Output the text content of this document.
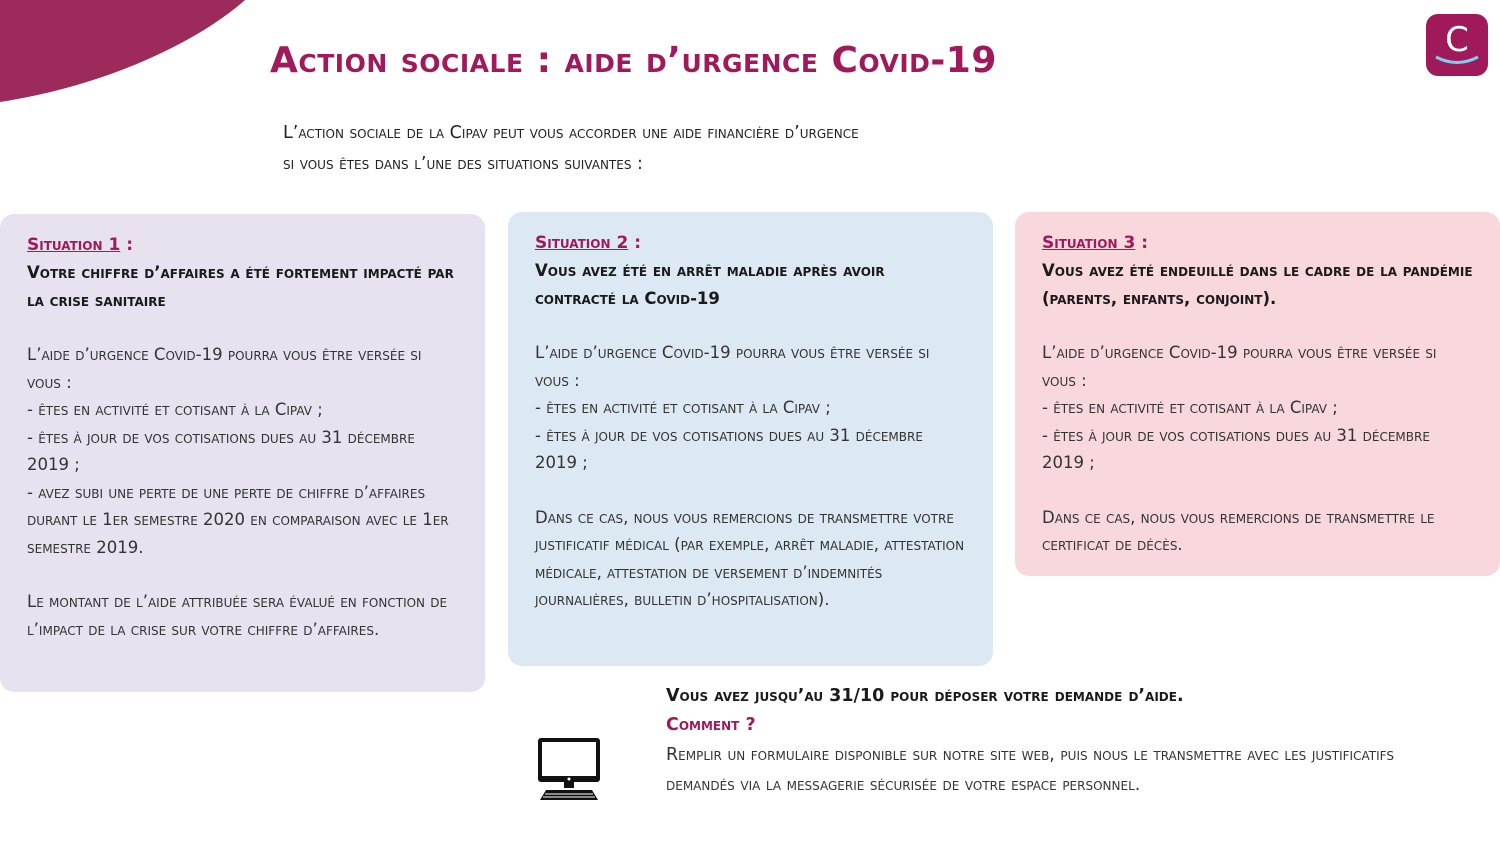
C
Action sociale : aide d’urgence Covid-19
L’action sociale de la Cipav peut vous accorder une aide financière d’urgence
si vous êtes dans l’une des situations suivantes :
Situation 1 :
Votre chiffre d’affaires a été fortement impacté par la crise sanitaire
L’aide d’urgence Covid-19 pourra vous être versée si vous :
- êtes en activité et cotisant à la Cipav ;
- êtes à jour de vos cotisations dues au 31 décembre 2019 ;
- avez subi une perte de une perte de chiffre d’affaires durant le 1er semestre 2020 en comparaison avec le 1er semestre 2019.
Le montant de l’aide attribuée sera évalué en fonction de l’impact de la crise sur votre chiffre d’affaires.
Situation 2 :
Vous avez été en arrêt maladie après avoir contracté la Covid-19
L’aide d’urgence Covid-19 pourra vous être versée si vous :
- êtes en activité et cotisant à la Cipav ;
- êtes à jour de vos cotisations dues au 31 décembre 2019 ;
Dans ce cas, nous vous remercions de transmettre votre justificatif médical (par exemple, arrêt maladie, attestation médicale, attestation de versement d’indemnités journalières, bulletin d’hospitalisation).
Situation 3 :
Vous avez été endeuillé dans le cadre de la pandémie (parents, enfants, conjoint).
L’aide d’urgence Covid-19 pourra vous être versée si vous :
- êtes en activité et cotisant à la Cipav ;
- êtes à jour de vos cotisations dues au 31 décembre 2019 ;
Dans ce cas, nous vous remercions de transmettre le certificat de décès.
Vous avez jusqu’au 31/10 pour déposer votre demande d’aide.
Comment ?
Remplir un formulaire disponible sur notre site web, puis nous le transmettre avec les justificatifs demandés via la messagerie sécurisée de votre espace personnel.
